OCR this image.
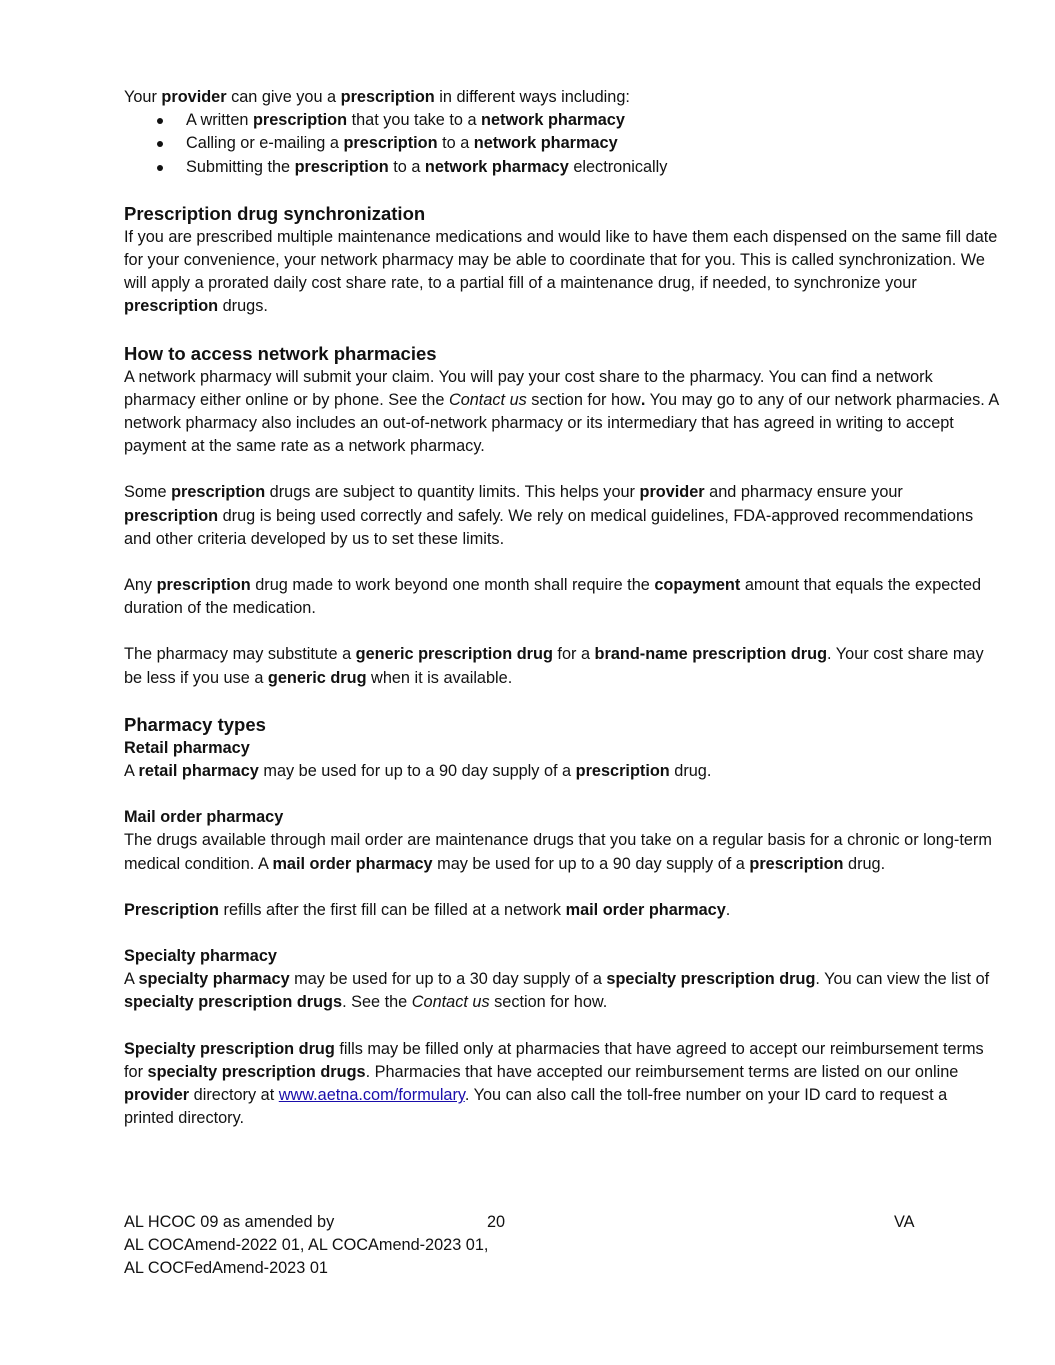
Your provider can give you a prescription in different ways including:

A written prescription that you take to a network pharmacy
Calling or e-mailing a prescription to a network pharmacy
Submitting the prescription to a network pharmacy electronically
Prescription drug synchronization

If you are prescribed multiple maintenance medications and would like to have them each dispensed on the same fill date for your convenience, your network pharmacy may be able to coordinate that for you. This is called synchronization. We will apply a prorated daily cost share rate, to a partial fill of a maintenance drug, if needed, to synchronize your prescription drugs.

How to access network pharmacies

A network pharmacy will submit your claim. You will pay your cost share to the pharmacy. You can find a network pharmacy either online or by phone. See the Contact us section for how. You may go to any of our network pharmacies. A network pharmacy also includes an out-of-network pharmacy or its intermediary that has agreed in writing to accept payment at the same rate as a network pharmacy.

Some prescription drugs are subject to quantity limits. This helps your provider and pharmacy ensure your prescription drug is being used correctly and safely. We rely on medical guidelines, FDA-approved recommendations and other criteria developed by us to set these limits.

Any prescription drug made to work beyond one month shall require the copayment amount that equals the expected duration of the medication.

The pharmacy may substitute a generic prescription drug for a brand-name prescription drug. Your cost share may be less if you use a generic drug when it is available.

Pharmacy types
Retail pharmacy

A retail pharmacy may be used for up to a 90 day supply of a prescription drug.

Mail order pharmacy

The drugs available through mail order are maintenance drugs that you take on a regular basis for a chronic or long-term medical condition. A mail order pharmacy may be used for up to a 90 day supply of a prescription drug.

Prescription refills after the first fill can be filled at a network mail order pharmacy.

Specialty pharmacy

A specialty pharmacy may be used for up to a 30 day supply of a specialty prescription drug. You can view the list of specialty prescription drugs. See the Contact us section for how.

Specialty prescription drug fills may be filled only at pharmacies that have agreed to accept our reimbursement terms for specialty prescription drugs. Pharmacies that have accepted our reimbursement terms are listed on our online provider directory at www.aetna.com/formulary. You can also call the toll-free number on your ID card to request a printed directory.

AL HCOC 09 as amended by	20	VA
AL COCAmend-2022 01, AL COCAmend-2023 01,
AL COCFedAmend-2023 01
